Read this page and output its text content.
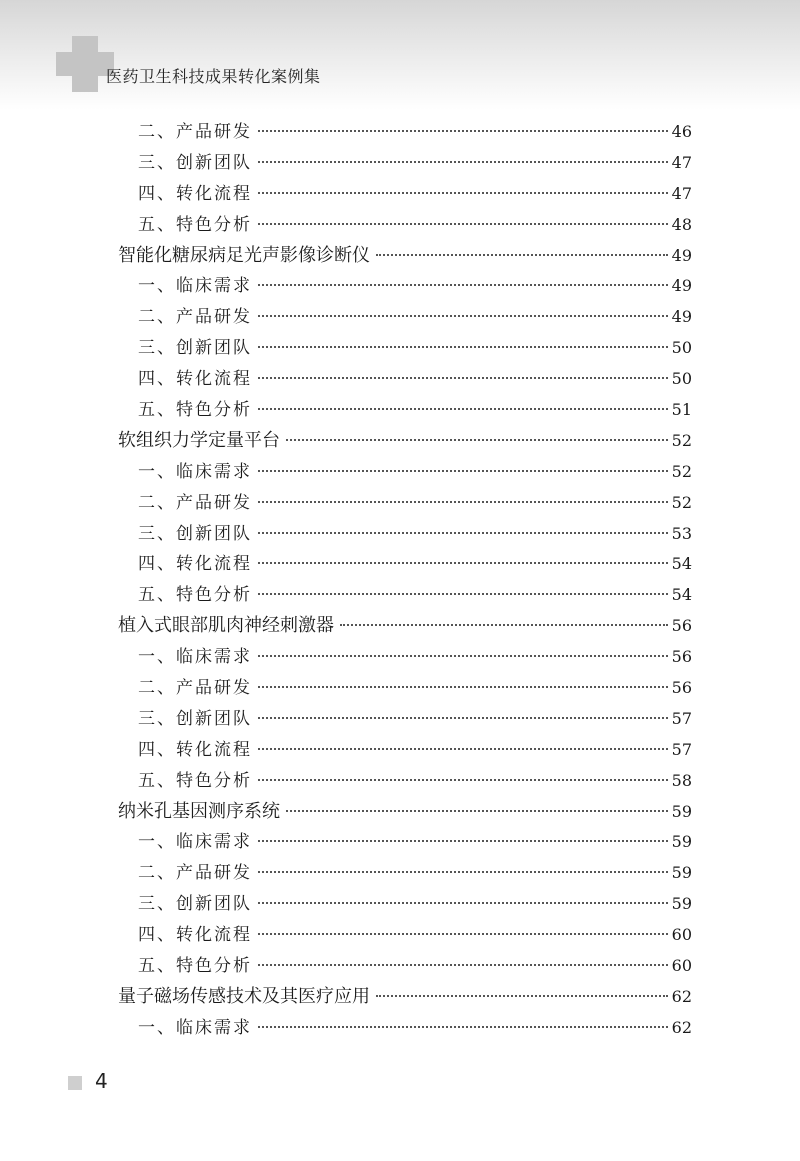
医药卫生科技成果转化案例集
二、产品研发	46
三、创新团队	47
四、转化流程	47
五、特色分析	48
智能化糖尿病足光声影像诊断仪	49
一、临床需求	49
二、产品研发	49
三、创新团队	50
四、转化流程	50
五、特色分析	51
软组织力学定量平台	52
一、临床需求	52
二、产品研发	52
三、创新团队	53
四、转化流程	54
五、特色分析	54
植入式眼部肌肉神经刺激器	56
一、临床需求	56
二、产品研发	56
三、创新团队	57
四、转化流程	57
五、特色分析	58
纳米孔基因测序系统	59
一、临床需求	59
二、产品研发	59
三、创新团队	59
四、转化流程	60
五、特色分析	60
量子磁场传感技术及其医疗应用	62
一、临床需求	62
4
